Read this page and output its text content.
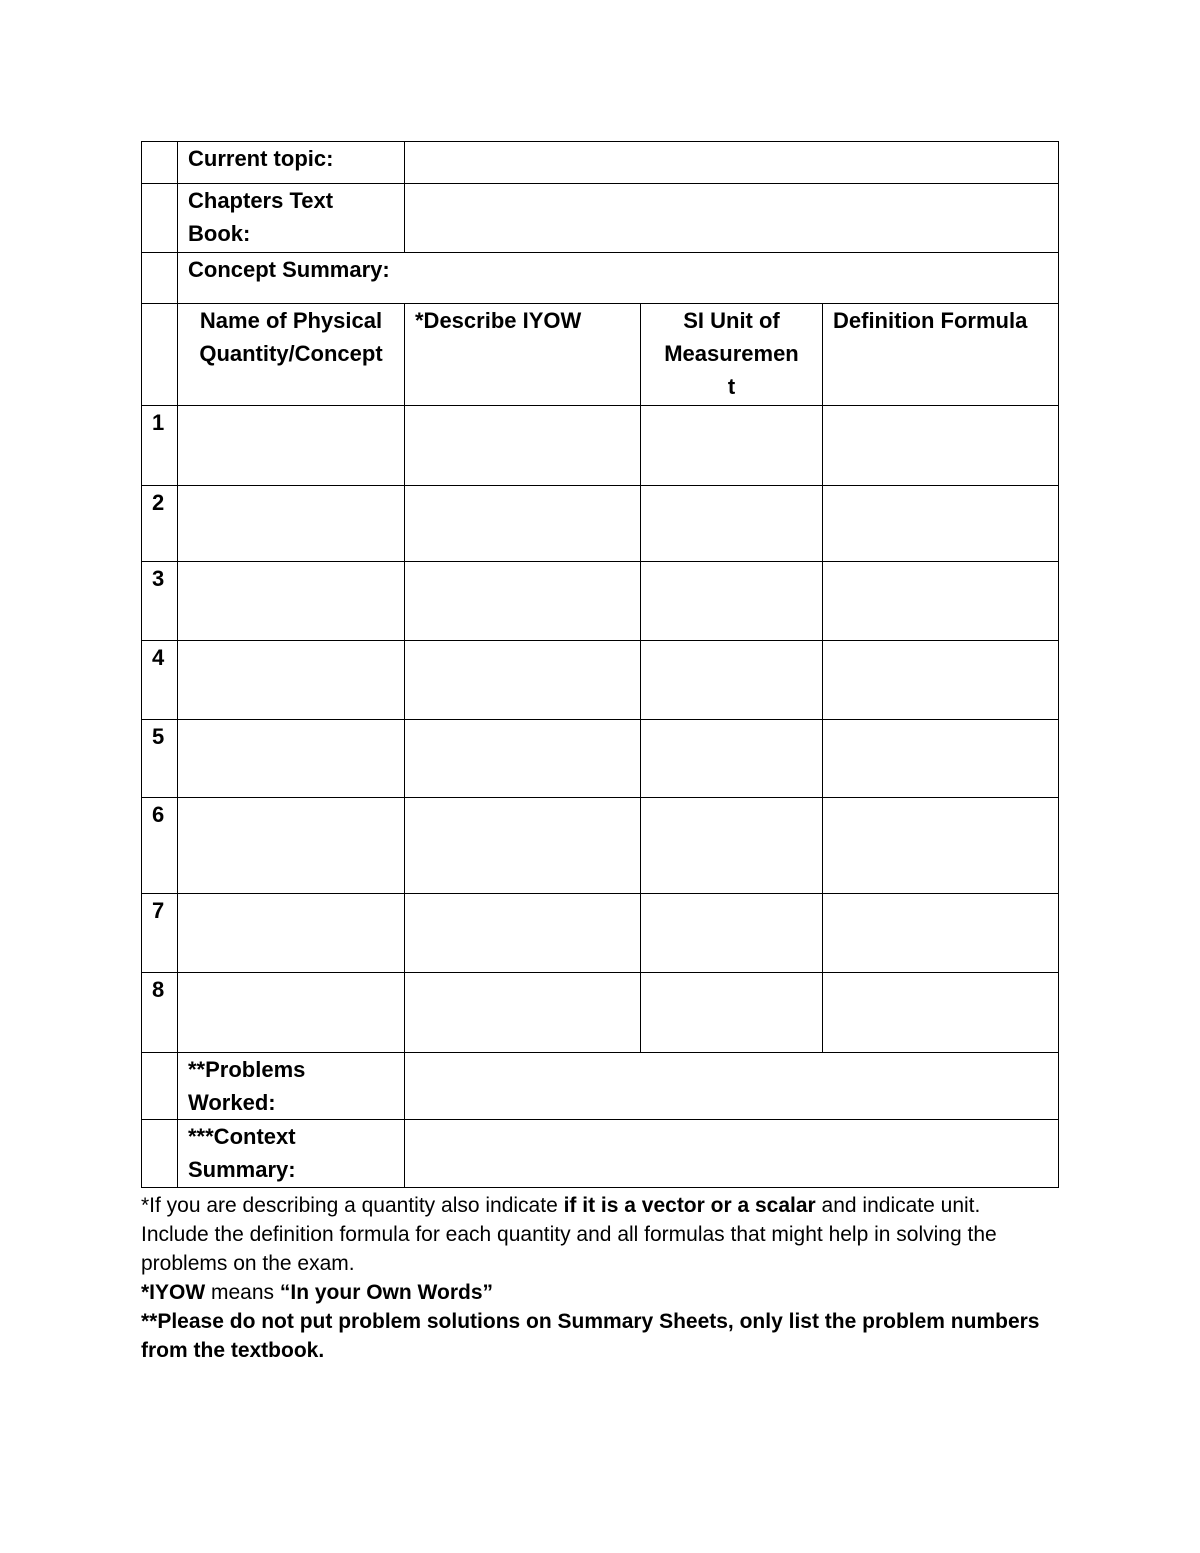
	Current topic:			

	Chapters Text
Book:			

	Concept Summary:			
	Name of Physical Quantity/Concept	*Describe IYOW	SI Unit of
Measuremen
t	Definition Formula
1				
2				
3				
4				
5				
6				
7				
8				

	**Problems
Worked:			

	***Context
Summary:			

*If you are describing a quantity also indicate if it is a vector or a scalar and indicate unit.

Include the definition formula for each quantity and all formulas that might help in solving the problems on the exam.

*IYOW means “In your Own Words”

**Please do not put problem solutions on Summary Sheets, only list the problem numbers from the textbook.
